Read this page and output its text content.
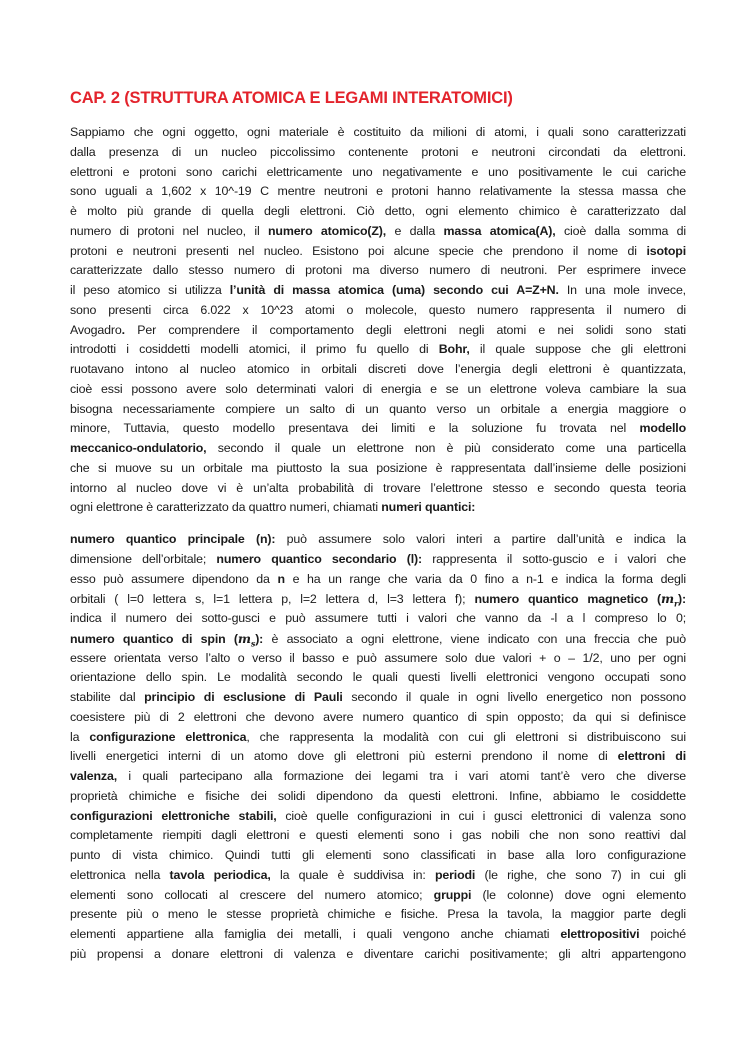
CAP. 2 (STRUTTURA ATOMICA E LEGAMI INTERATOMICI)
Sappiamo che ogni oggetto, ogni materiale è costituito da milioni di atomi, i quali sono caratterizzati
dalla presenza di un nucleo piccolissimo contenente protoni e neutroni circondati da elettroni.
elettroni e protoni sono carichi elettricamente uno negativamente e uno positivamente le cui cariche
sono uguali a 1,602 x 10^-19 C mentre neutroni e protoni hanno relativamente la stessa massa che
è molto più grande di quella degli elettroni. Ciò detto, ogni elemento chimico è caratterizzato dal
numero di protoni nel nucleo, il numero atomico(Z), e dalla massa atomica(A), cioè dalla somma di
protoni e neutroni presenti nel nucleo. Esistono poi alcune specie che prendono il nome di isotopi
caratterizzate dallo stesso numero di protoni ma diverso numero di neutroni. Per esprimere invece
il peso atomico si utilizza l’unità di massa atomica (uma) secondo cui A=Z+N. In una mole invece,
sono presenti circa 6.022 x 10^23 atomi o molecole, questo numero rappresenta il numero di
Avogadro. Per comprendere il comportamento degli elettroni negli atomi e nei solidi sono stati
introdotti i cosiddetti modelli atomici, il primo fu quello di Bohr, il quale suppose che gli elettroni
ruotavano intono al nucleo atomico in orbitali discreti dove l’energia degli elettroni è quantizzata,
cioè essi possono avere solo determinati valori di energia e se un elettrone voleva cambiare la sua
bisogna necessariamente compiere un salto di un quanto verso un orbitale a energia maggiore o
minore, Tuttavia, questo modello presentava dei limiti e la soluzione fu trovata nel modello
meccanico-ondulatorio, secondo il quale un elettrone non è più considerato come una particella
che si muove su un orbitale ma piuttosto la sua posizione è rappresentata dall’insieme delle posizioni
intorno al nucleo dove vi è un’alta probabilità di trovare l’elettrone stesso e secondo questa teoria
ogni elettrone è caratterizzato da quattro numeri, chiamati numeri quantici:
numero quantico principale (n): può assumere solo valori interi a partire dall’unità e indica la
dimensione dell’orbitale; numero quantico secondario (l): rappresenta il sotto-guscio e i valori che
esso può assumere dipendono da n e ha un range che varia da 0 fino a n-1 e indica la forma degli
orbitali ( l=0 lettera s, l=1 lettera p, l=2 lettera d, l=3 lettera f); numero quantico magnetico $(m_r)$:
indica il numero dei sotto-gusci e può assumere tutti i valori che vanno da -l a l compreso lo 0;
numero quantico di spin $(m_s)$: è associato a ogni elettrone, viene indicato con una freccia che può
essere orientata verso l’alto o verso il basso e può assumere solo due valori + o – 1/2, uno per ogni
orientazione dello spin. Le modalità secondo le quali questi livelli elettronici vengono occupati sono
stabilite dal principio di esclusione di Pauli secondo il quale in ogni livello energetico non possono
coesistere più di 2 elettroni che devono avere numero quantico di spin opposto; da qui si definisce
la configurazione elettronica, che rappresenta la modalità con cui gli elettroni si distribuiscono sui
livelli energetici interni di un atomo dove gli elettroni più esterni prendono il nome di elettroni di
valenza, i quali partecipano alla formazione dei legami tra i vari atomi tant’è vero che diverse
proprietà chimiche e fisiche dei solidi dipendono da questi elettroni. Infine, abbiamo le cosiddette
configurazioni elettroniche stabili, cioè quelle configurazioni in cui i gusci elettronici di valenza sono
completamente riempiti dagli elettroni e questi elementi sono i gas nobili che non sono reattivi dal
punto di vista chimico. Quindi tutti gli elementi sono classificati in base alla loro configurazione
elettronica nella tavola periodica, la quale è suddivisa in: periodi (le righe, che sono 7) in cui gli
elementi sono collocati al crescere del numero atomico; gruppi (le colonne) dove ogni elemento
presente più o meno le stesse proprietà chimiche e fisiche. Presa la tavola, la maggior parte degli
elementi appartiene alla famiglia dei metalli, i quali vengono anche chiamati elettropositivi poiché
più propensi a donare elettroni di valenza e diventare carichi positivamente; gli altri appartengono
